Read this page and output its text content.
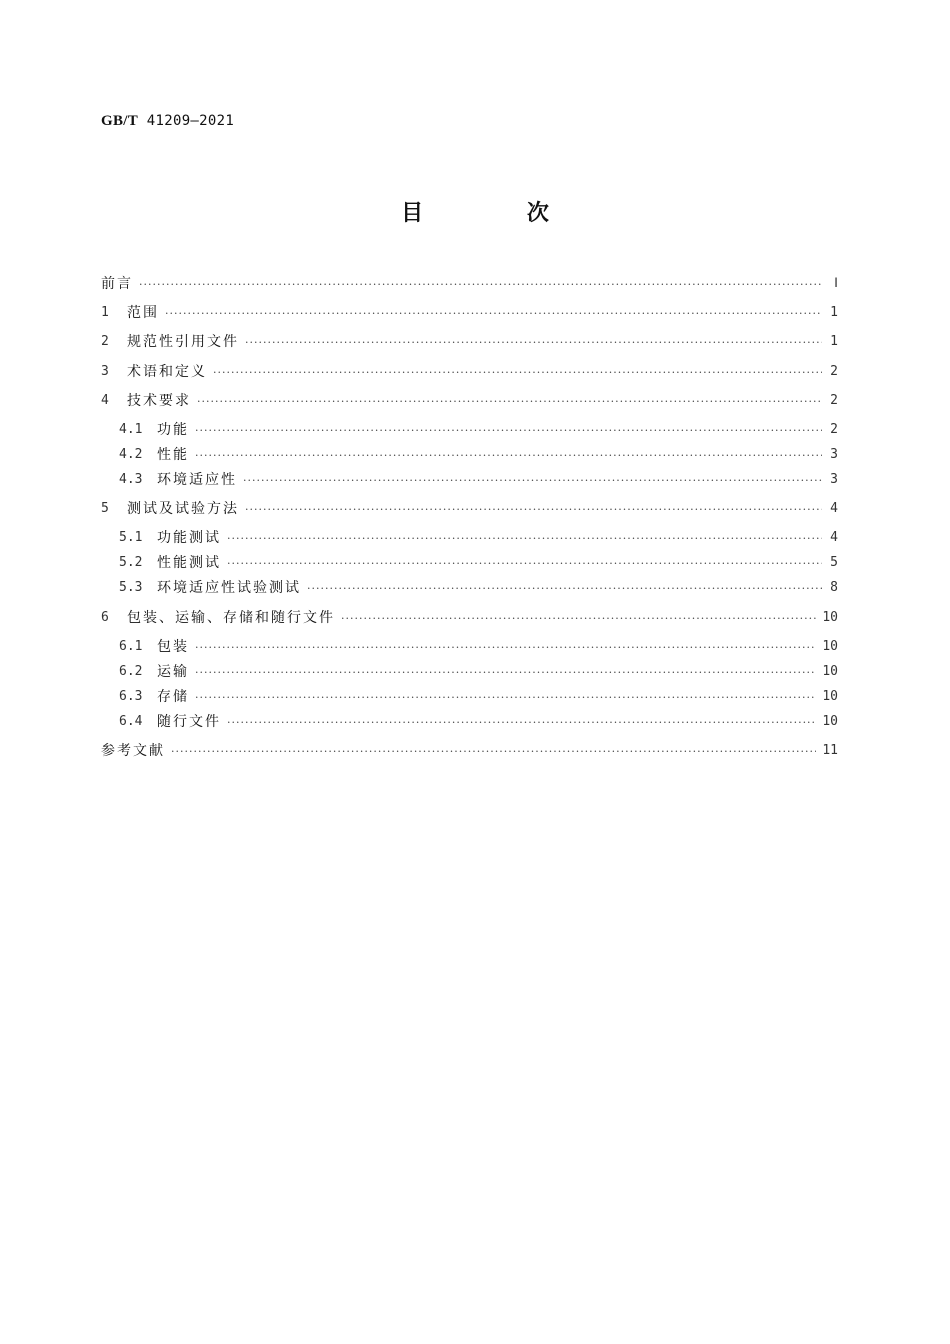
GB/T 41209—2021
目 次
前言 ·····	Ⅰ
1	范围 ·····	1
2	规范性引用文件 ·····	1
3	术语和定义 ·····	2
4	技术要求 ·····	2
4.1	功能 ·····	2
4.2	性能 ·····	3
4.3	环境适应性 ·····	3
5	测试及试验方法 ·····	4
5.1	功能测试 ·····	4
5.2	性能测试 ·····	5
5.3	环境适应性试验测试 ·····	8
6	包装、运输、存储和随行文件 ·····	10
6.1	包装 ·····	10
6.2	运输 ·····	10
6.3	存储 ·····	10
6.4	随行文件 ·····	10
参考文献 ·····	11
